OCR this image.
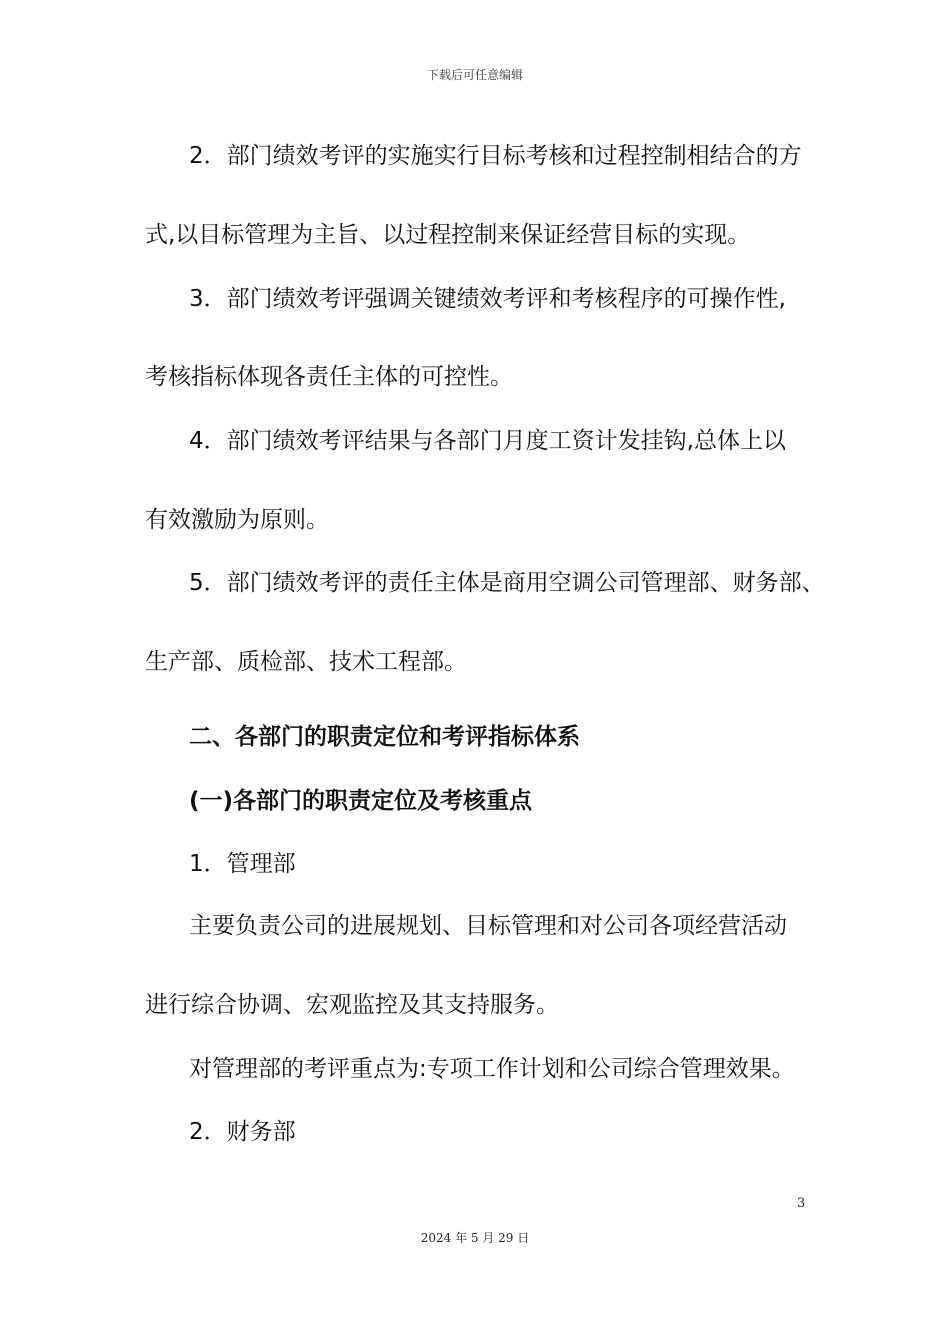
下载后可任意编辑
2．部门绩效考评的实施实行目标考核和过程控制相结合的方
式,以目标管理为主旨、以过程控制来保证经营目标的实现。
3．部门绩效考评强调关键绩效考评和考核程序的可操作性,
考核指标体现各责任主体的可控性。
4．部门绩效考评结果与各部门月度工资计发挂钩,总体上以
有效激励为原则。
5．部门绩效考评的责任主体是商用空调公司管理部、财务部、
生产部、质检部、技术工程部。
二、各部门的职责定位和考评指标体系
(一)各部门的职责定位及考核重点
1．管理部
主要负责公司的进展规划、目标管理和对公司各项经营活动
进行综合协调、宏观监控及其支持服务。
对管理部的考评重点为:专项工作计划和公司综合管理效果。
2．财务部
3
2024 年 5 月 29 日
